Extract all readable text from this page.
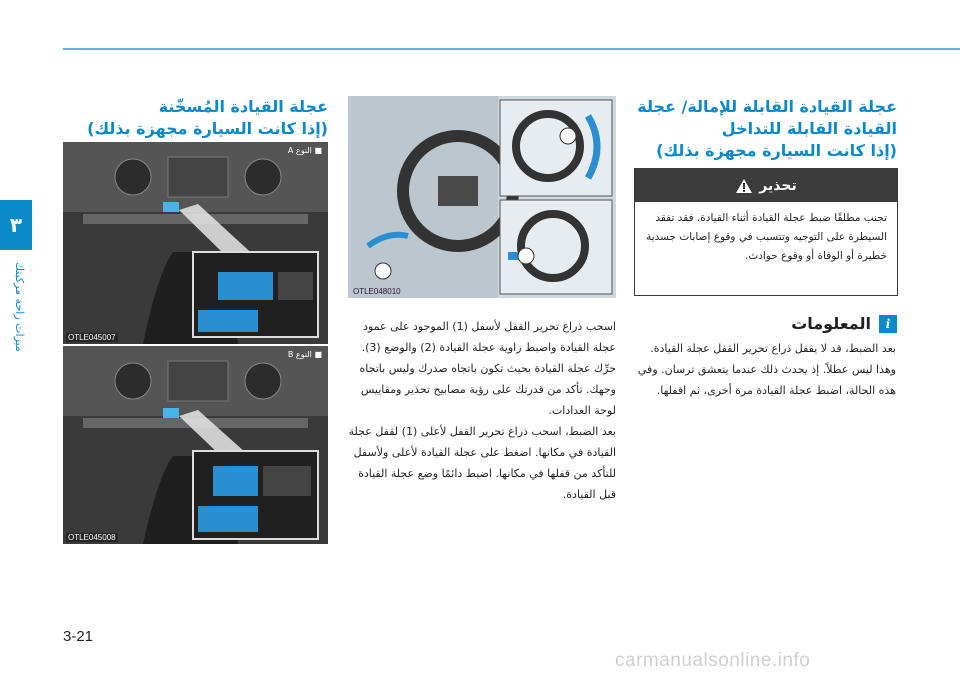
٣
ميزات راحة مركبتك
عجلة القيادة المُسخّنة
(إذا كانت السيارة مجهزة بذلك)
■ النوع A
OTLE045007
■ النوع B
OTLE045008
OTLE048010
اسحب ذراع تحرير القفل لأسفل (1) الموجود على عمود عجلة القيادة واضبط زاوية عجلة القيادة (2) والوضع (3). حرِّك عجلة القيادة بحيث تكون باتجاه صدرك وليس باتجاه وجهك. تأكد من قدرتك على رؤية مصابيح تحذير ومقاييس لوحة العدادات.
بعد الضبط، اسحب ذراع تحرير القفل لأعلى (1) لقفل عجلة القيادة في مكانها. اضغط على عجلة القيادة لأعلى ولأسفل للتأكد من قفلها في مكانها. اضبط دائمًا وضع عجلة القيادة قبل القيادة.
عجلة القيادة القابلة للإمالة/ عجلة
القيادة القابلة للتداخل
(إذا كانت السيارة مجهزة بذلك)
تحذير
تجنب مطلقًا ضبط عجلة القيادة أثناء القيادة. فقد تفقد السيطرة على التوجيه وتتسبب في وقوع إصابات جسدية خطيرة أو الوفاة أو وقوع حوادث.
i
المعلومات
بعد الضبط، قد لا يقفل ذراع تحرير القفل عجلة القيادة. وهذا ليس عطلاً. إذ يحدث ذلك عندما يتعشق ترسان. وفي هذه الحالة، اضبط عجلة القيادة مرة أخرى، ثم اقفلها.
3-21
carmanualsonline.info
